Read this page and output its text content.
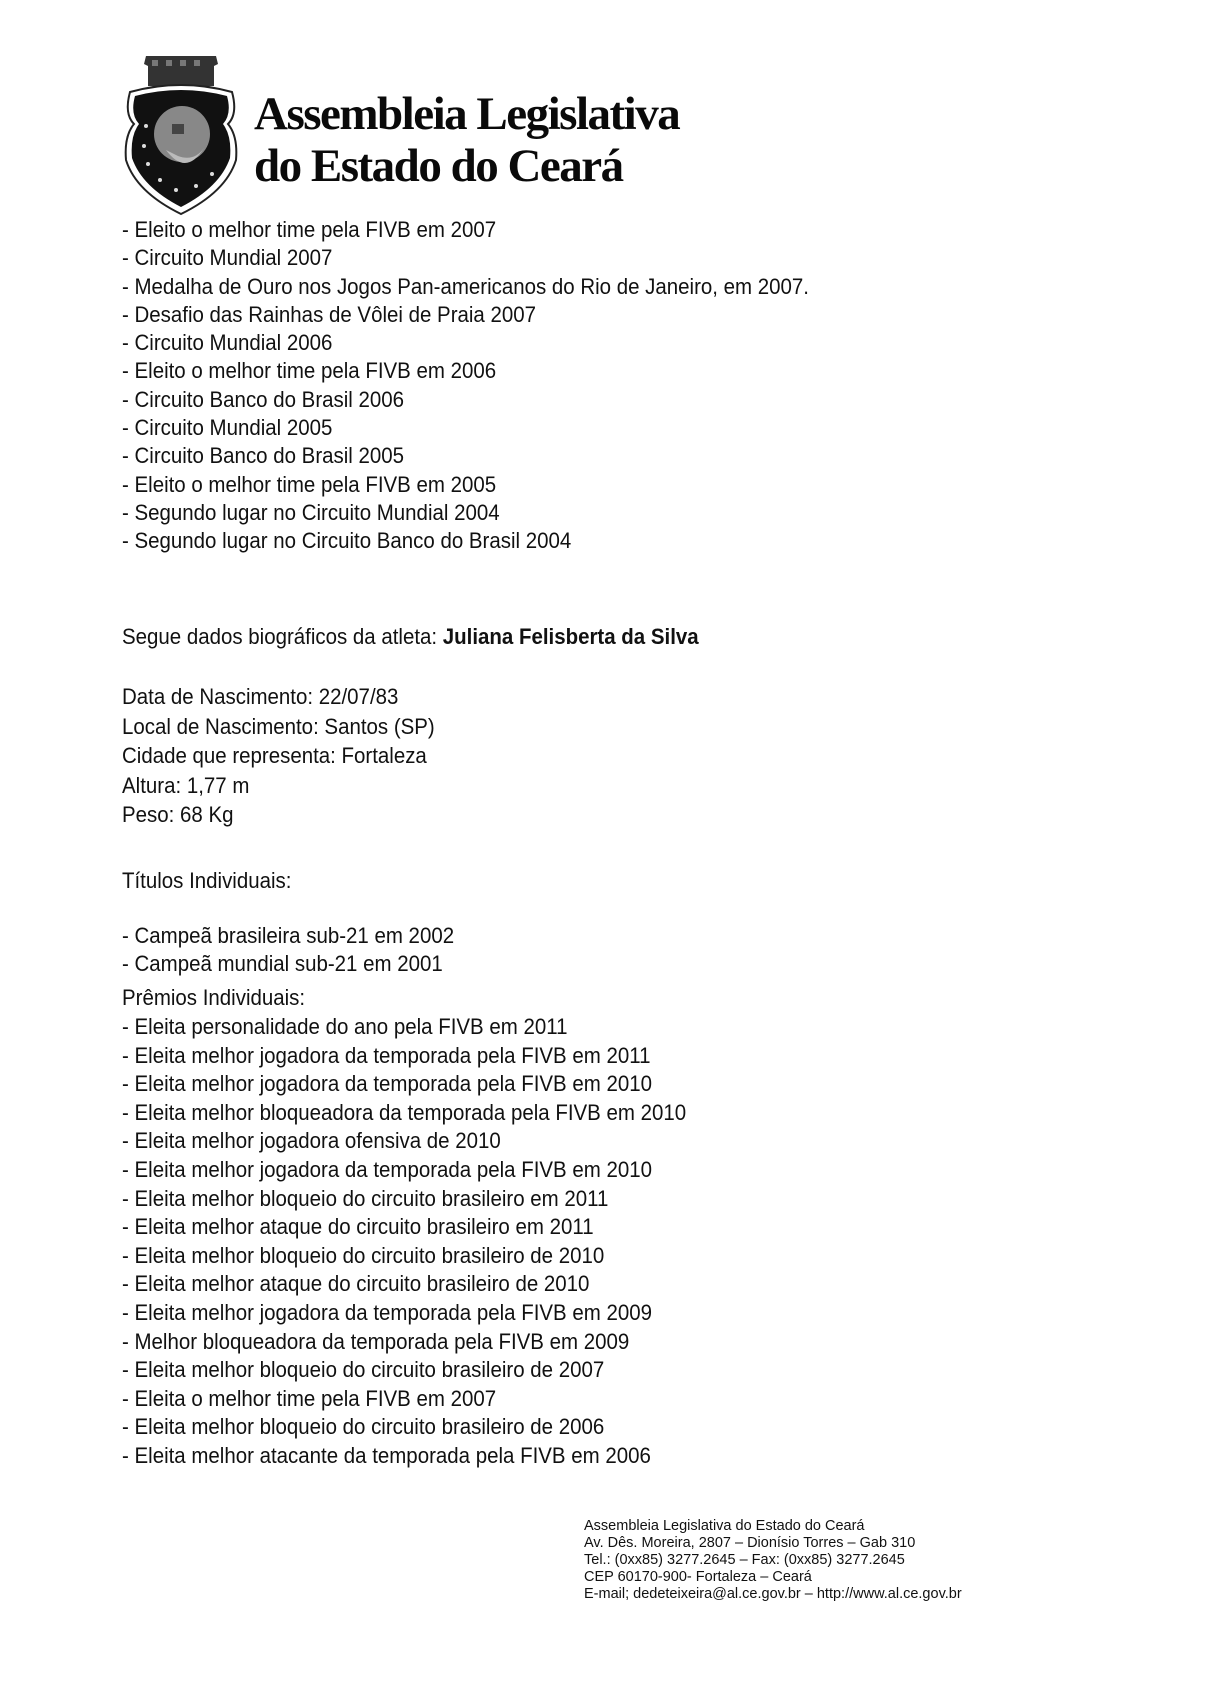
Assembleia Legislativa
do Estado do Ceará
- Eleito o melhor time pela FIVB em 2007
- Circuito Mundial 2007
- Medalha de Ouro nos Jogos Pan-americanos do Rio de Janeiro, em 2007.
- Desafio das Rainhas de Vôlei de Praia 2007
- Circuito Mundial 2006
- Eleito o melhor time pela FIVB em 2006
- Circuito Banco do Brasil 2006
- Circuito Mundial 2005
- Circuito Banco do Brasil 2005
- Eleito o melhor time pela FIVB em 2005
- Segundo lugar no Circuito Mundial 2004
- Segundo lugar no Circuito Banco do Brasil 2004
Segue dados biográficos da atleta: Juliana Felisberta da Silva
Data de Nascimento: 22/07/83
Local de Nascimento: Santos (SP)
Cidade que representa: Fortaleza
Altura: 1,77 m
Peso: 68 Kg
Títulos Individuais:
- Campeã brasileira sub-21 em 2002
- Campeã mundial sub-21 em 2001
Prêmios Individuais:
- Eleita personalidade do ano pela FIVB em 2011
- Eleita melhor jogadora da temporada pela FIVB em 2011
- Eleita melhor jogadora da temporada pela FIVB em 2010
- Eleita melhor bloqueadora da temporada pela FIVB em 2010
- Eleita melhor jogadora ofensiva de 2010
- Eleita melhor jogadora da temporada pela FIVB em 2010
- Eleita melhor bloqueio do circuito brasileiro em 2011
- Eleita melhor ataque do circuito brasileiro em 2011
- Eleita melhor bloqueio do circuito brasileiro de 2010
- Eleita melhor ataque do circuito brasileiro de 2010
- Eleita melhor jogadora da temporada pela FIVB em 2009
- Melhor bloqueadora da temporada pela FIVB em 2009
- Eleita melhor bloqueio do circuito brasileiro de 2007
- Eleita o melhor time pela FIVB em 2007
- Eleita melhor bloqueio do circuito brasileiro de 2006
- Eleita melhor atacante da temporada pela FIVB em 2006
Assembleia Legislativa do Estado do Ceará
Av. Dês. Moreira, 2807 – Dionísio Torres – Gab 310
Tel.: (0xx85) 3277.2645 – Fax: (0xx85) 3277.2645
CEP 60170-900- Fortaleza – Ceará
E-mail; dedeteixeira@al.ce.gov.br – http://www.al.ce.gov.br
